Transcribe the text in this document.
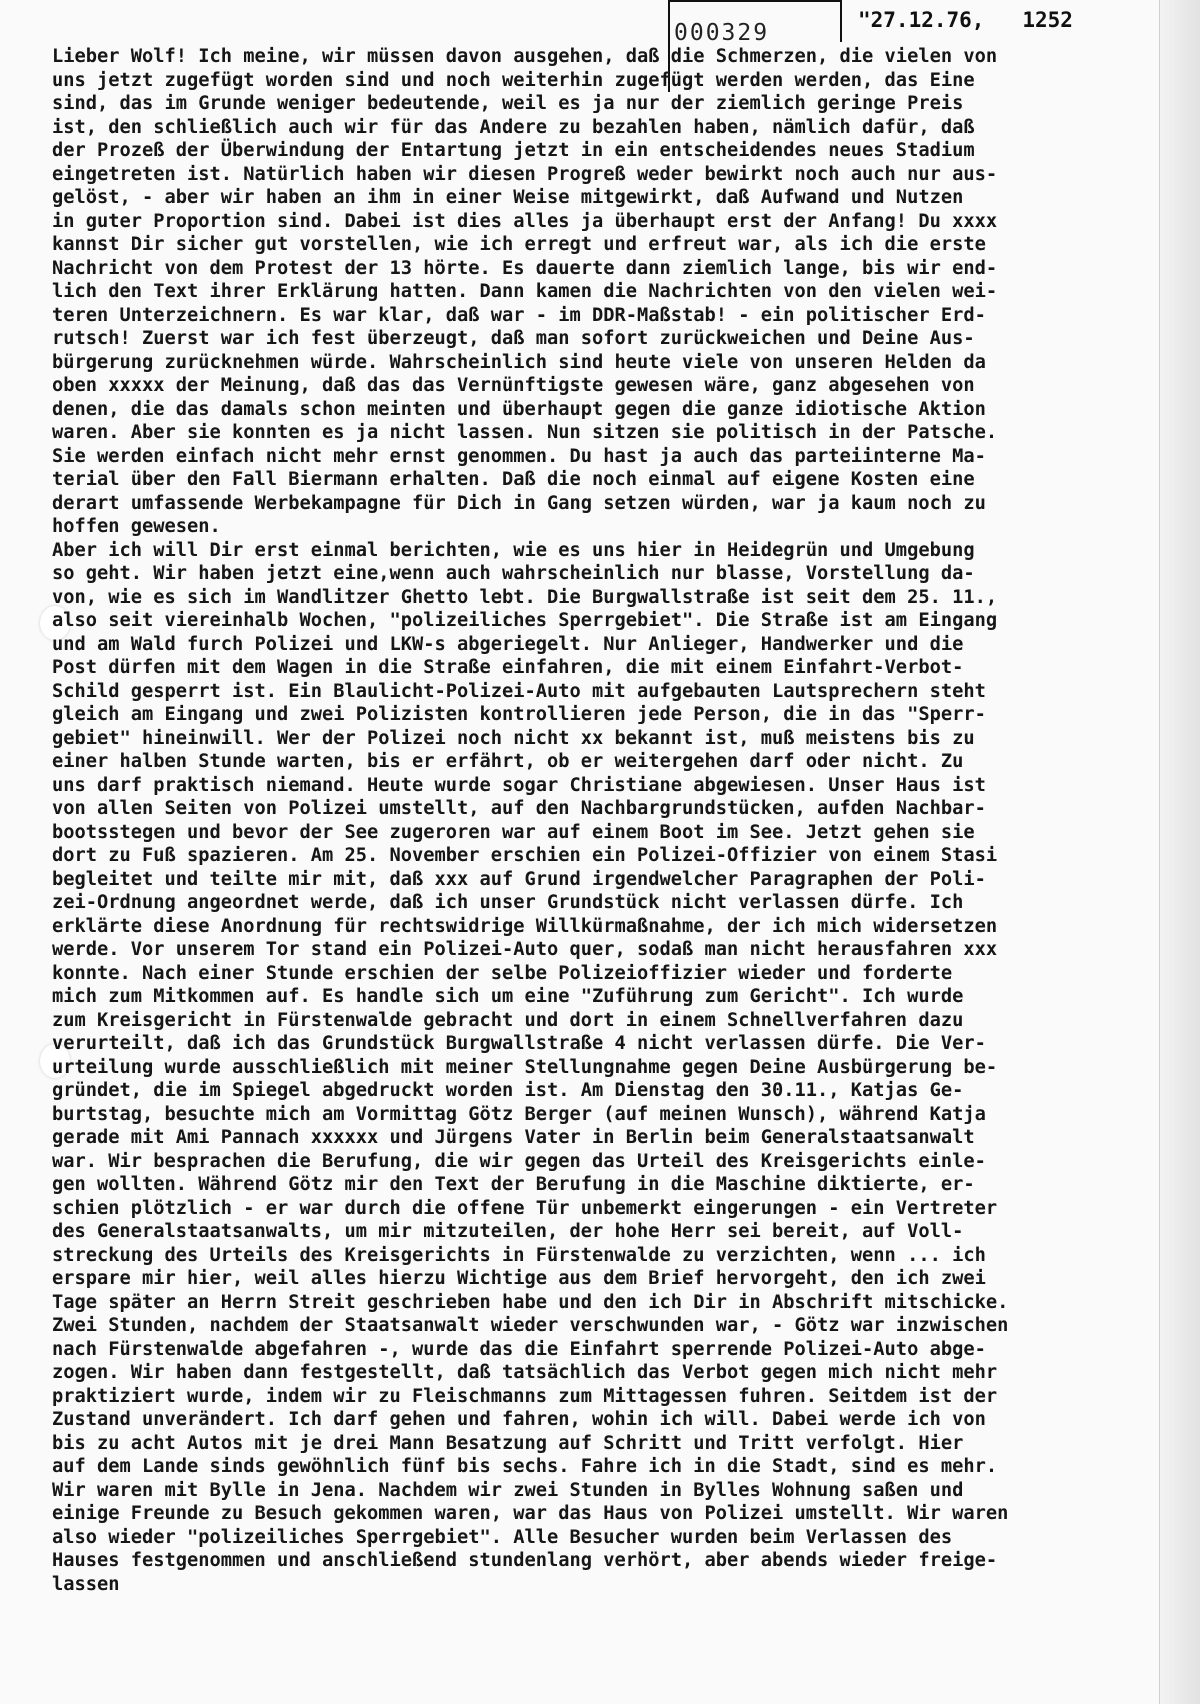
000329	"27.12.76,   1252
Lieber Wolf! Ich meine, wir müssen davon ausgehen, daß die Schmerzen, die vielen von
uns jetzt zugefügt worden sind und noch weiterhin zugefügt werden werden, das Eine
sind, das im Grunde weniger bedeutende, weil es ja nur der ziemlich geringe Preis
ist, den schließlich auch wir für das Andere zu bezahlen haben, nämlich dafür, daß
der Prozeß der Überwindung der Entartung jetzt in ein entscheidendes neues Stadium
eingetreten ist. Natürlich haben wir diesen Progreß weder bewirkt noch auch nur aus-
gelöst, - aber wir haben an ihm in einer Weise mitgewirkt, daß Aufwand und Nutzen
in guter Proportion sind. Dabei ist dies alles ja überhaupt erst der Anfang! Du xxxx
kannst Dir sicher gut vorstellen, wie ich erregt und erfreut war, als ich die erste
Nachricht von dem Protest der 13 hörte. Es dauerte dann ziemlich lange, bis wir end-
lich den Text ihrer Erklärung hatten. Dann kamen die Nachrichten von den vielen wei-
teren Unterzeichnern. Es war klar, daß war - im DDR-Maßstab! - ein politischer Erd-
rutsch! Zuerst war ich fest überzeugt, daß man sofort zurückweichen und Deine Aus-
bürgerung zurücknehmen würde. Wahrscheinlich sind heute viele von unseren Helden da
oben xxxxx der Meinung, daß das das Vernünftigste gewesen wäre, ganz abgesehen von
denen, die das damals schon meinten und überhaupt gegen die ganze idiotische Aktion
waren. Aber sie konnten es ja nicht lassen. Nun sitzen sie politisch in der Patsche.
Sie werden einfach nicht mehr ernst genommen. Du hast ja auch das parteiinterne Ma-
terial über den Fall Biermann erhalten. Daß die noch einmal auf eigene Kosten eine
derart umfassende Werbekampagne für Dich in Gang setzen würden, war ja kaum noch zu
hoffen gewesen.
Aber ich will Dir erst einmal berichten, wie es uns hier in Heidegrün und Umgebung
so geht. Wir haben jetzt eine,wenn auch wahrscheinlich nur blasse, Vorstellung da-
von, wie es sich im Wandlitzer Ghetto lebt. Die Burgwallstraße ist seit dem 25. 11.,
also seit viereinhalb Wochen, "polizeiliches Sperrgebiet". Die Straße ist am Eingang
und am Wald furch Polizei und LKW-s abgeriegelt. Nur Anlieger, Handwerker und die
Post dürfen mit dem Wagen in die Straße einfahren, die mit einem Einfahrt-Verbot-
Schild gesperrt ist. Ein Blaulicht-Polizei-Auto mit aufgebauten Lautsprechern steht
gleich am Eingang und zwei Polizisten kontrollieren jede Person, die in das "Sperr-
gebiet" hineinwill. Wer der Polizei noch nicht xx bekannt ist, muß meistens bis zu
einer halben Stunde warten, bis er erfährt, ob er weitergehen darf oder nicht. Zu
uns darf praktisch niemand. Heute wurde sogar Christiane abgewiesen. Unser Haus ist
von allen Seiten von Polizei umstellt, auf den Nachbargrundstücken, aufden Nachbar-
bootsstegen und bevor der See zugeroren war auf einem Boot im See. Jetzt gehen sie
dort zu Fuß spazieren. Am 25. November erschien ein Polizei-Offizier von einem Stasi
begleitet und teilte mir mit, daß xxx auf Grund irgendwelcher Paragraphen der Poli-
zei-Ordnung angeordnet werde, daß ich unser Grundstück nicht verlassen dürfe. Ich
erklärte diese Anordnung für rechtswidrige Willkürmaßnahme, der ich mich widersetzen
werde. Vor unserem Tor stand ein Polizei-Auto quer, sodaß man nicht herausfahren xxx
konnte. Nach einer Stunde erschien der selbe Polizeioffizier wieder und forderte
mich zum Mitkommen auf. Es handle sich um eine "Zuführung zum Gericht". Ich wurde
zum Kreisgericht in Fürstenwalde gebracht und dort in einem Schnellverfahren dazu
verurteilt, daß ich das Grundstück Burgwallstraße 4 nicht verlassen dürfe. Die Ver-
urteilung wurde ausschließlich mit meiner Stellungnahme gegen Deine Ausbürgerung be-
gründet, die im Spiegel abgedruckt worden ist. Am Dienstag den 30.11., Katjas Ge-
burtstag, besuchte mich am Vormittag Götz Berger (auf meinen Wunsch), während Katja
gerade mit Ami Pannach xxxxxx und Jürgens Vater in Berlin beim Generalstaatsanwalt
war. Wir besprachen die Berufung, die wir gegen das Urteil des Kreisgerichts einle-
gen wollten. Während Götz mir den Text der Berufung in die Maschine diktierte, er-
schien plötzlich - er war durch die offene Tür unbemerkt eingerungen - ein Vertreter
des Generalstaatsanwalts, um mir mitzuteilen, der hohe Herr sei bereit, auf Voll-
streckung des Urteils des Kreisgerichts in Fürstenwalde zu verzichten, wenn ... ich
erspare mir hier, weil alles hierzu Wichtige aus dem Brief hervorgeht, den ich zwei
Tage später an Herrn Streit geschrieben habe und den ich Dir in Abschrift mitschicke.
Zwei Stunden, nachdem der Staatsanwalt wieder verschwunden war, - Götz war inzwischen
nach Fürstenwalde abgefahren -, wurde das die Einfahrt sperrende Polizei-Auto abge-
zogen. Wir haben dann festgestellt, daß tatsächlich das Verbot gegen mich nicht mehr
praktiziert wurde, indem wir zu Fleischmanns zum Mittagessen fuhren. Seitdem ist der
Zustand unverändert. Ich darf gehen und fahren, wohin ich will. Dabei werde ich von
bis zu acht Autos mit je drei Mann Besatzung auf Schritt und Tritt verfolgt. Hier
auf dem Lande sinds gewöhnlich fünf bis sechs. Fahre ich in die Stadt, sind es mehr.
Wir waren mit Bylle in Jena. Nachdem wir zwei Stunden in Bylles Wohnung saßen und
einige Freunde zu Besuch gekommen waren, war das Haus von Polizei umstellt. Wir waren
also wieder "polizeiliches Sperrgebiet". Alle Besucher wurden beim Verlassen des
Hauses festgenommen und anschließend stundenlang verhört, aber abends wieder freige-
lassen
